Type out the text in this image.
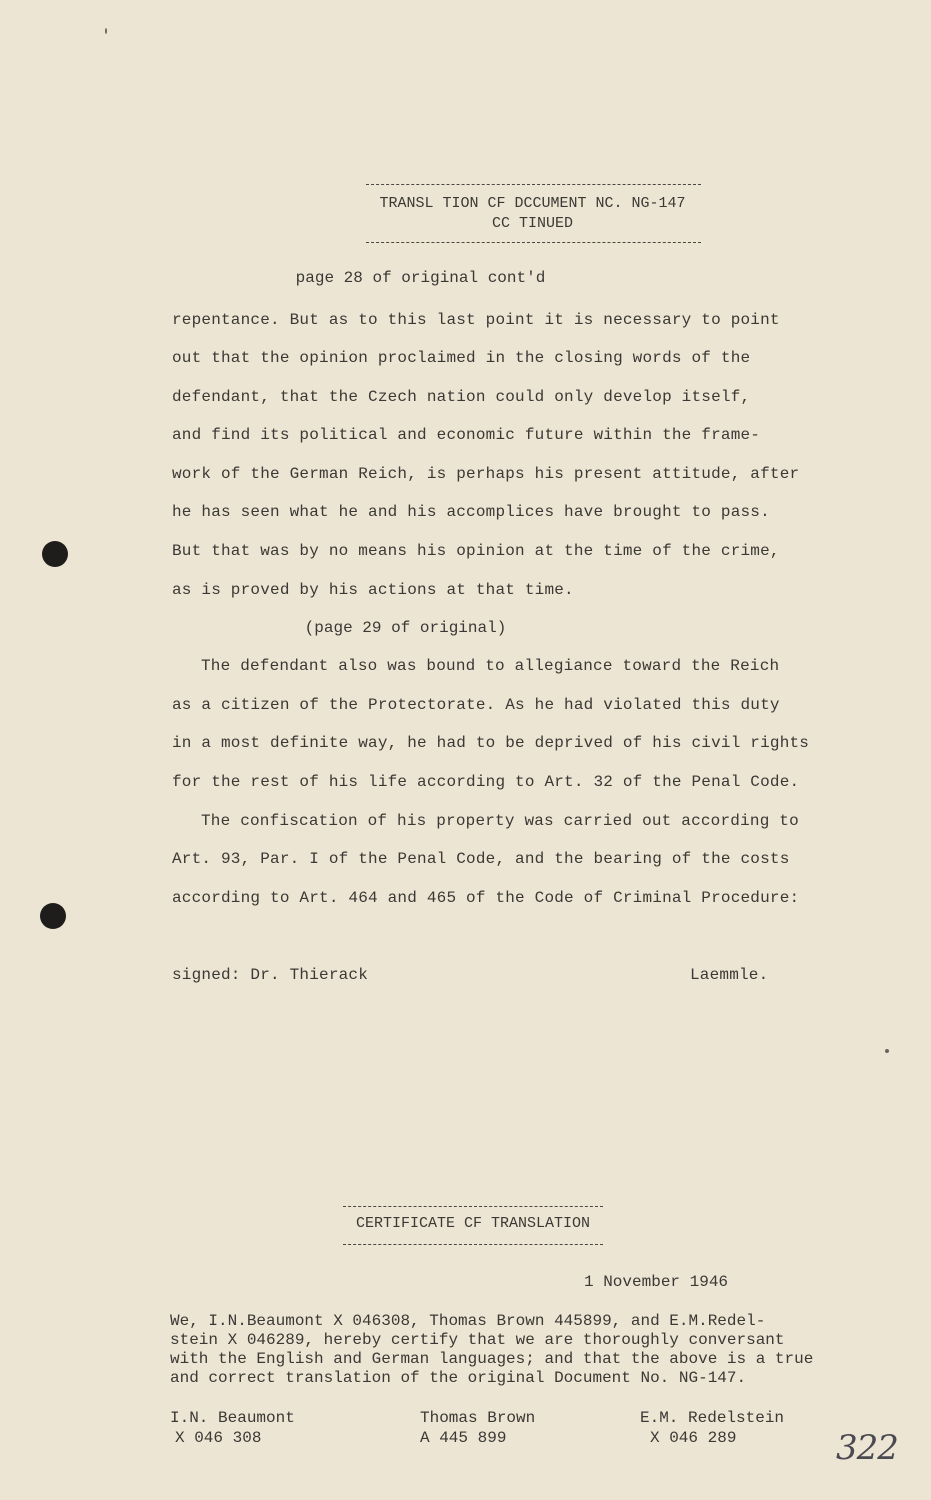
TRANSL TION CF DCCUMENT NC. NG-147
CC TINUED
page 28 of original cont'd
repentance. But as to this last point it is necessary to point
out that the opinion proclaimed in the closing words of the
defendant, that the Czech nation could only develop itself,
and find its political and economic future within the frame-
work of the German Reich, is perhaps his present attitude, after
he has seen what he and his accomplices have brought to pass.
But that was by no means his opinion at the time of the crime,
as is proved by his actions at that time.
(page 29 of original)
The defendant also was bound to allegiance toward the Reich
as a citizen of the Protectorate. As he had violated this duty
in a most definite way, he had to be deprived of his civil rights
for the rest of his life according to Art. 32 of the Penal Code.
The confiscation of his property was carried out according to
Art. 93, Par. I of the Penal Code, and the bearing of the costs
according to Art. 464 and 465 of the Code of Criminal Procedure:
signed: Dr. Thierack	Laemmle.
CERTIFICATE CF TRANSLATION
1 November 1946
We, I.N.Beaumont X 046308, Thomas Brown 445899, and E.M.Redel-
stein X 046289, hereby certify that we are thoroughly conversant
with the English and German languages; and that the above is a true
and correct translation of the original Document No. NG-147.
I.N. Beaumont
X 046 308
Thomas Brown
A 445 899
E.M. Redelstein
X 046 289	322
